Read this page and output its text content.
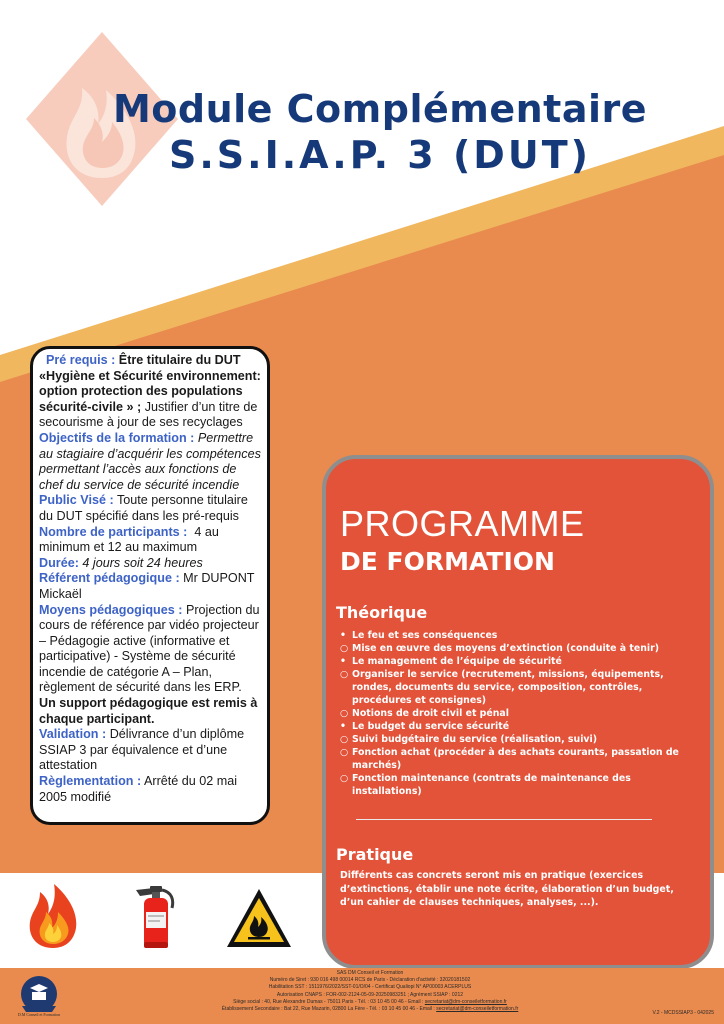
Module Complémentaire
S.S.I.A.P. 3 (DUT)

Pré requis : Être titulaire du DUT «Hygiène et Sécurité environnement: option protection des populations sécurité-civile » ; Justifier d’un titre de secourisme à jour de ses recyclages

Objectifs de la formation : Permettre au stagiaire d’acquérir les compétences permettant l’accès aux fonctions de chef du service de sécurité incendie

Public Visé : Toute personne titulaire du DUT spécifié dans les pré-requis

Nombre de participants : 4 au minimum et 12 au maximum

Durée: 4 jours soit 24 heures

Référent pédagogique : Mr DUPONT Mickaël

Moyens pédagogiques : Projection du cours de référence par vidéo projecteur – Pédagogie active (informative et participative) - Système de sécurité incendie de catégorie A – Plan, règlement de sécurité dans les ERP.

Un support pédagogique est remis à chaque participant.

Validation : Délivrance d’un diplôme SSIAP 3 par équivalence et d’une attestation

Règlementation : Arrêté du 02 mai 2005 modifié

PROGRAMME
DE FORMATION
Théorique
• Le feu et ses conséquences
○ Mise en œuvre des moyens d’extinction (conduite à tenir)
• Le management de l’équipe de sécurité
○ Organiser le service (recrutement, missions, équipements, rondes, documents du service, composition, contrôles, procédures et consignes)
○ Notions de droit civil et pénal
• Le budget du service sécurité
○ Suivi budgétaire du service (réalisation, suivi)
○ Fonction achat (procéder à des achats courants, passation de marchés)
○ Fonction maintenance (contrats de maintenance des installations)
Pratique
Différents cas concrets seront mis en pratique (exercices d’extinctions, établir une note écrite, élaboration d’un budget, d’un cahier de clauses techniques, analyses, ...).
D.M Conseil et Formation
SAS DM Conseil et Formation
Numéro de Siret : 930 016 498 00014 RCS de Paris - Déclaration d'activité : 32020181502
Habilitation SST : 1511976/2022/SST-01/O/04 - Certificat Qualiopi N° AP00003 ACERPLUS
Autorisation CNAPS : FOR-002-2124-05-09-20250983251 ; Agrément SSIAP : 0212
Siège social : 40, Rue Alexandre Dumas - 75011 Paris - Tél. : 03 10 45 00 46 - Email : secretariat@dm-conseiletformation.fr
Établissement Secondaire : Bat 22, Rue Mazarin, 02800 La Fère - Tél. : 03 10 45 00 46 - Email : secretariat@dm-conseiletformation.fr
V.2 - MCDSSIAP3 - 042025
